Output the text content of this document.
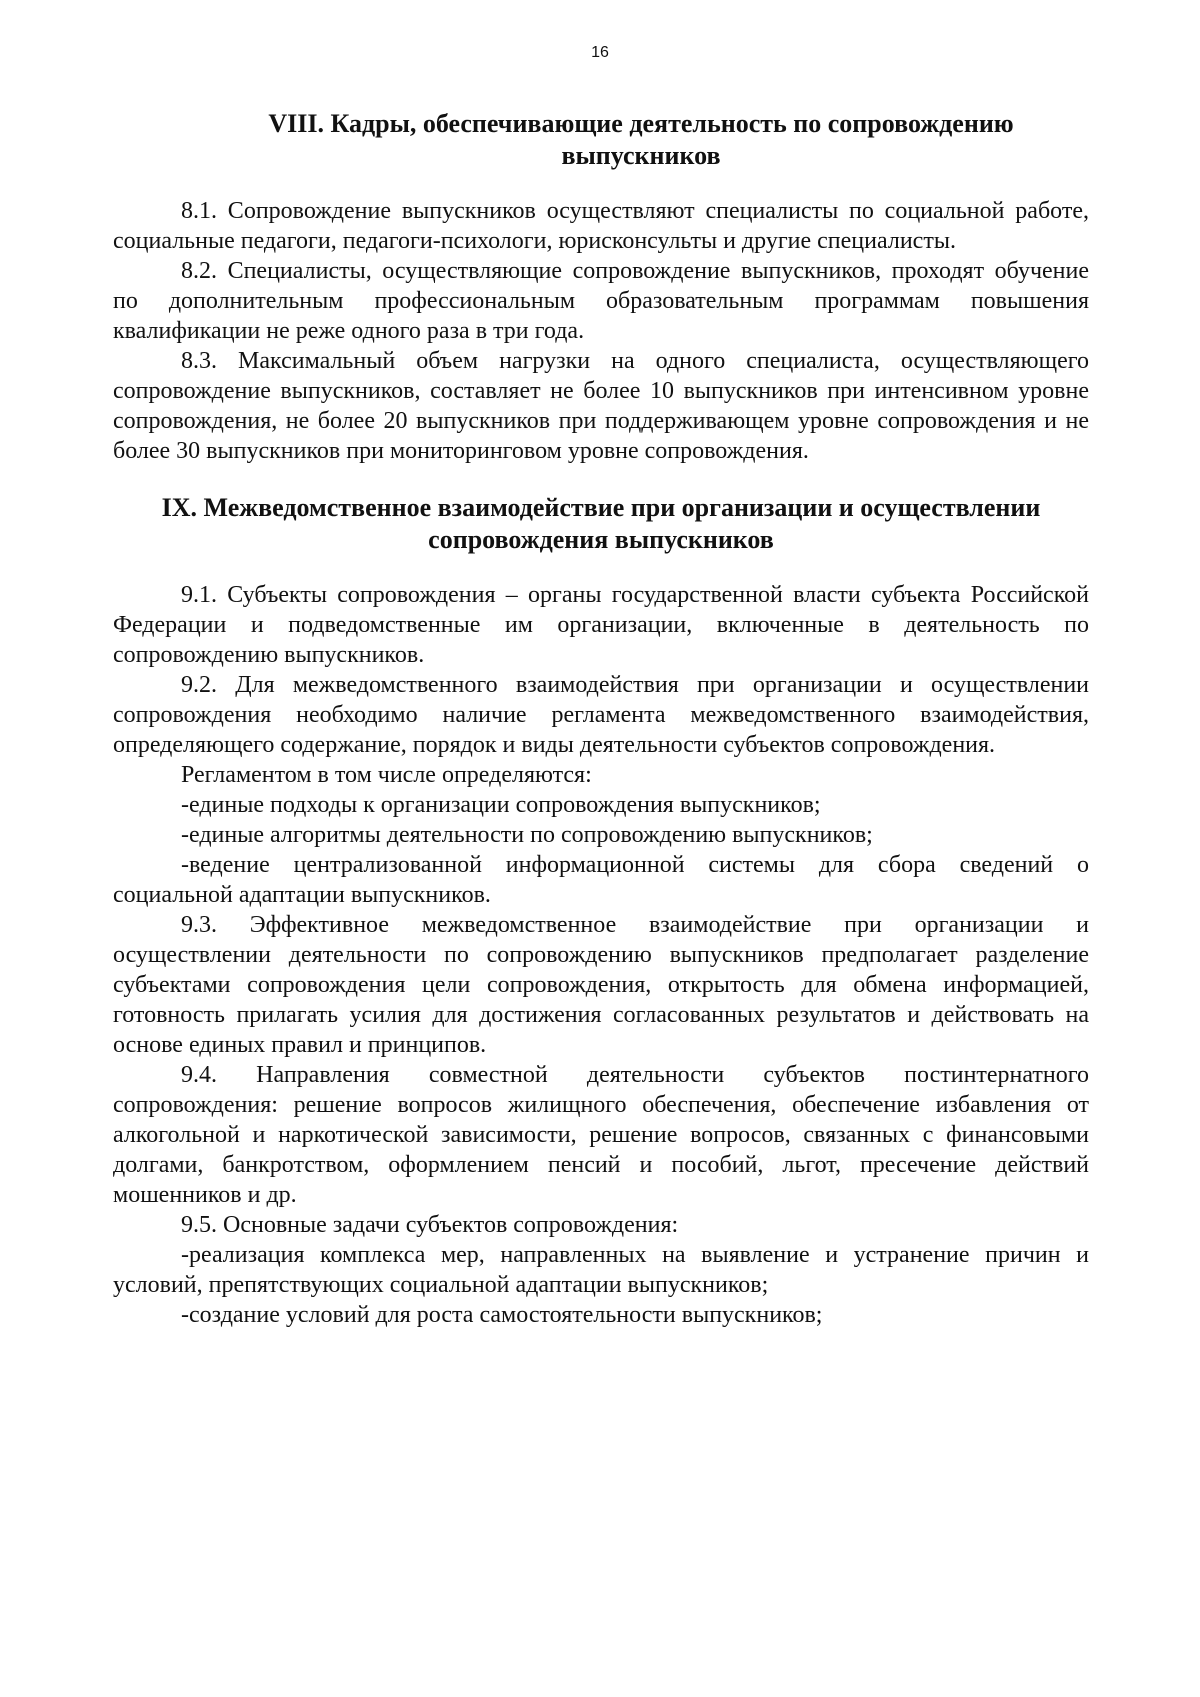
16
VIII. Кадры, обеспечивающие деятельность по сопровождению
выпускников

8.1. Сопровождение выпускников осуществляют специалисты по социальной работе, социальные педагоги, педагоги-психологи, юрисконсульты и другие специалисты.

8.2. Специалисты, осуществляющие сопровождение выпускников, проходят обучение по дополнительным профессиональным образовательным программам повышения квалификации не реже одного раза в три года.

8.3. Максимальный объем нагрузки на одного специалиста, осуществляющего сопровождение выпускников, составляет не более 10 выпускников при интенсивном уровне сопровождения, не более 20 выпускников при поддерживающем уровне сопровождения и не более 30 выпускников при мониторинговом уровне сопровождения.

IX. Межведомственное взаимодействие при организации и осуществлении
сопровождения выпускников

9.1. Субъекты сопровождения – органы государственной власти субъекта Российской Федерации и подведомственные им организации, включенные в деятельность по сопровождению выпускников.

9.2. Для межведомственного взаимодействия при организации и осуществлении сопровождения необходимо наличие регламента межведомственного взаимодействия, определяющего содержание, порядок и виды деятельности субъектов сопровождения.

Регламентом в том числе определяются:

-единые подходы к организации сопровождения выпускников;

-единые алгоритмы деятельности по сопровождению выпускников;

-ведение централизованной информационной системы для сбора сведений о социальной адаптации выпускников.

9.3. Эффективное межведомственное взаимодействие при организации и осуществлении деятельности по сопровождению выпускников предполагает разделение субъектами сопровождения цели сопровождения, открытость для обмена информацией, готовность прилагать усилия для достижения согласованных результатов и действовать на основе единых правил и принципов.

9.4. Направления совместной деятельности субъектов постинтернатного сопровождения: решение вопросов жилищного обеспечения, обеспечение избавления от алкогольной и наркотической зависимости, решение вопросов, связанных с финансовыми долгами, банкротством, оформлением пенсий и пособий, льгот, пресечение действий мошенников и др.

9.5. Основные задачи субъектов сопровождения:

-реализация комплекса мер, направленных на выявление и устранение причин и условий, препятствующих социальной адаптации выпускников;

-создание условий для роста самостоятельности выпускников;
